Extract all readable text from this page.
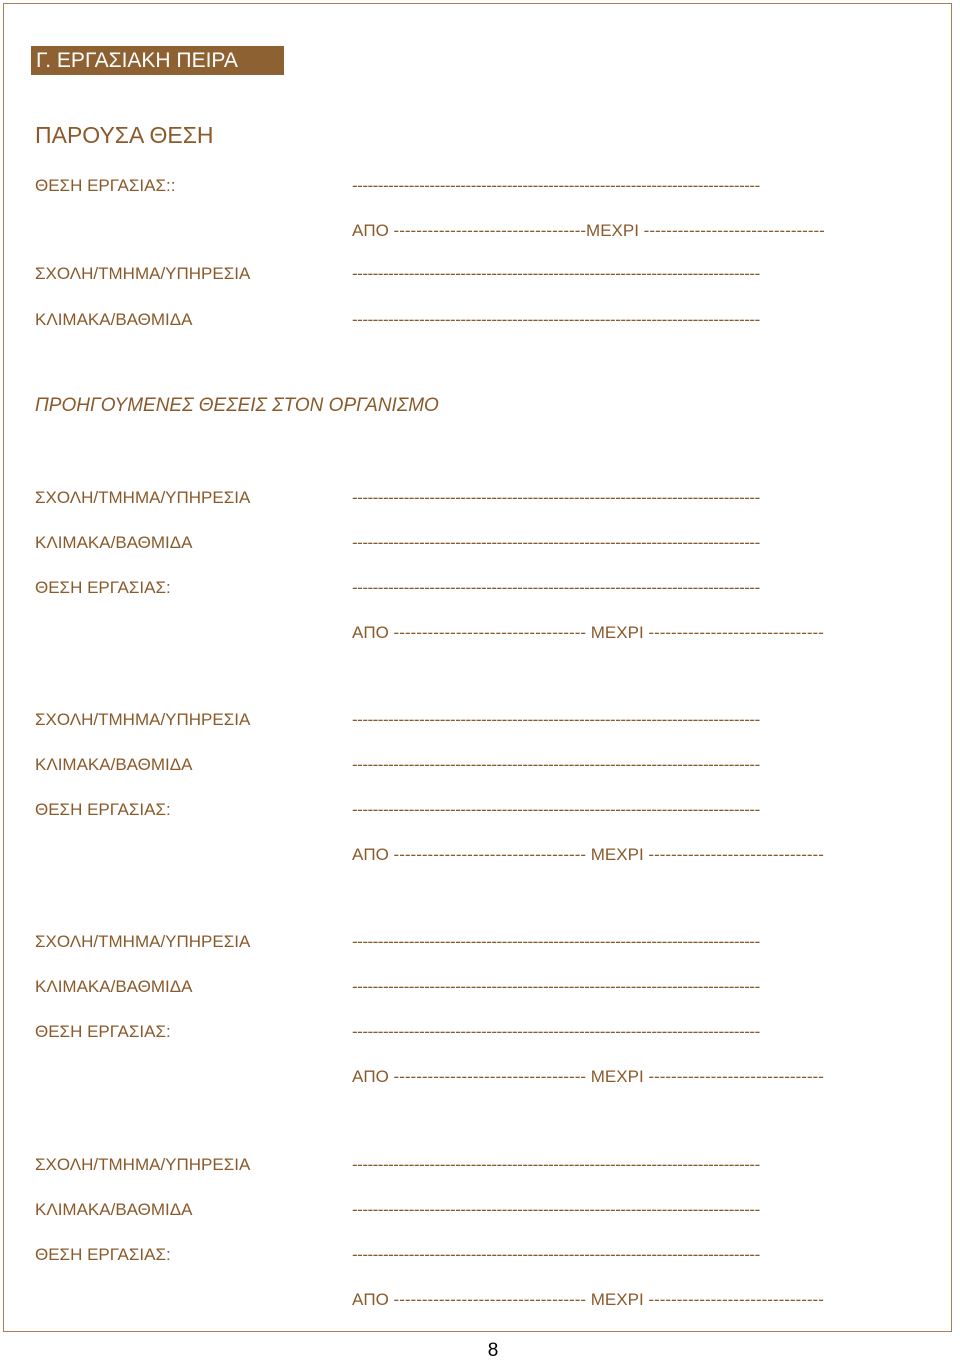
Γ. ΕΡΓΑΣΙΑΚΗ ΠΕΙΡΑ
ΠΑΡΟΥΣΑ ΘΕΣΗ
ΘΕΣΗ ΕΡΓΑΣΙΑΣ::	-------------------------------------------------------------------------------
ΑΠΟ ----------------------------------ΜΕΧΡΙ --------------------------------
ΣΧΟΛΗ/ΤΜΗΜΑ/ΥΠΗΡΕΣΙΑ	-------------------------------------------------------------------------------
ΚΛΙΜΑΚΑ/ΒΑΘΜΙΔΑ	-------------------------------------------------------------------------------
ΠΡΟΗΓΟΥΜΕΝΕΣ ΘΕΣΕΙΣ ΣΤΟΝ ΟΡΓΑΝΙΣΜΟ
ΣΧΟΛΗ/ΤΜΗΜΑ/ΥΠΗΡΕΣΙΑ	-------------------------------------------------------------------------------
ΚΛΙΜΑΚΑ/ΒΑΘΜΙΔΑ	-------------------------------------------------------------------------------
ΘΕΣΗ ΕΡΓΑΣΙΑΣ:	-------------------------------------------------------------------------------
ΑΠΟ ---------------------------------- ΜΕΧΡΙ -------------------------------
ΣΧΟΛΗ/ΤΜΗΜΑ/ΥΠΗΡΕΣΙΑ	-------------------------------------------------------------------------------
ΚΛΙΜΑΚΑ/ΒΑΘΜΙΔΑ	-------------------------------------------------------------------------------
ΘΕΣΗ ΕΡΓΑΣΙΑΣ:	-------------------------------------------------------------------------------
ΑΠΟ ---------------------------------- ΜΕΧΡΙ -------------------------------
ΣΧΟΛΗ/ΤΜΗΜΑ/ΥΠΗΡΕΣΙΑ	-------------------------------------------------------------------------------
ΚΛΙΜΑΚΑ/ΒΑΘΜΙΔΑ	-------------------------------------------------------------------------------
ΘΕΣΗ ΕΡΓΑΣΙΑΣ:	-------------------------------------------------------------------------------
ΑΠΟ ---------------------------------- ΜΕΧΡΙ -------------------------------
ΣΧΟΛΗ/ΤΜΗΜΑ/ΥΠΗΡΕΣΙΑ	-------------------------------------------------------------------------------
ΚΛΙΜΑΚΑ/ΒΑΘΜΙΔΑ	-------------------------------------------------------------------------------
ΘΕΣΗ ΕΡΓΑΣΙΑΣ:	-------------------------------------------------------------------------------
ΑΠΟ ---------------------------------- ΜΕΧΡΙ -------------------------------
8
